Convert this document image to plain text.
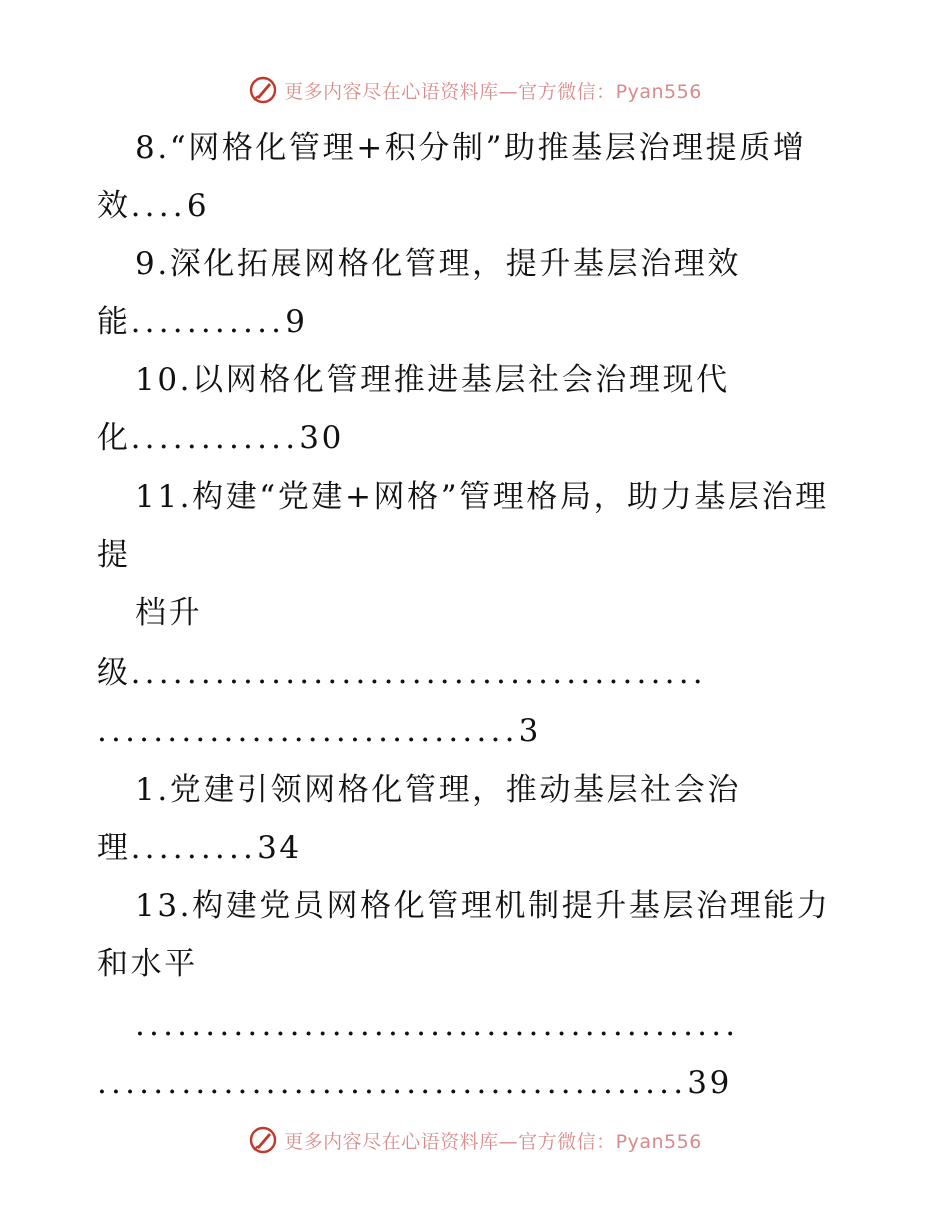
更多内容尽在心语资料库—官方微信：Pyan556
8.“网格化管理+积分制”助推基层治理提质增
效....6
9.深化拓展网格化管理，提升基层治理效
能...........9
10.以网格化管理推进基层社会治理现代
化............30
11.构建“党建+网格”管理格局，助力基层治理
提
档升
级.........................................
..............................3
1.党建引领网格化管理，推动基层社会治
理.........34
13.构建党员网格化管理机制提升基层治理能力
和水平
...........................................
..........................................39
更多内容尽在心语资料库—官方微信：Pyan556
